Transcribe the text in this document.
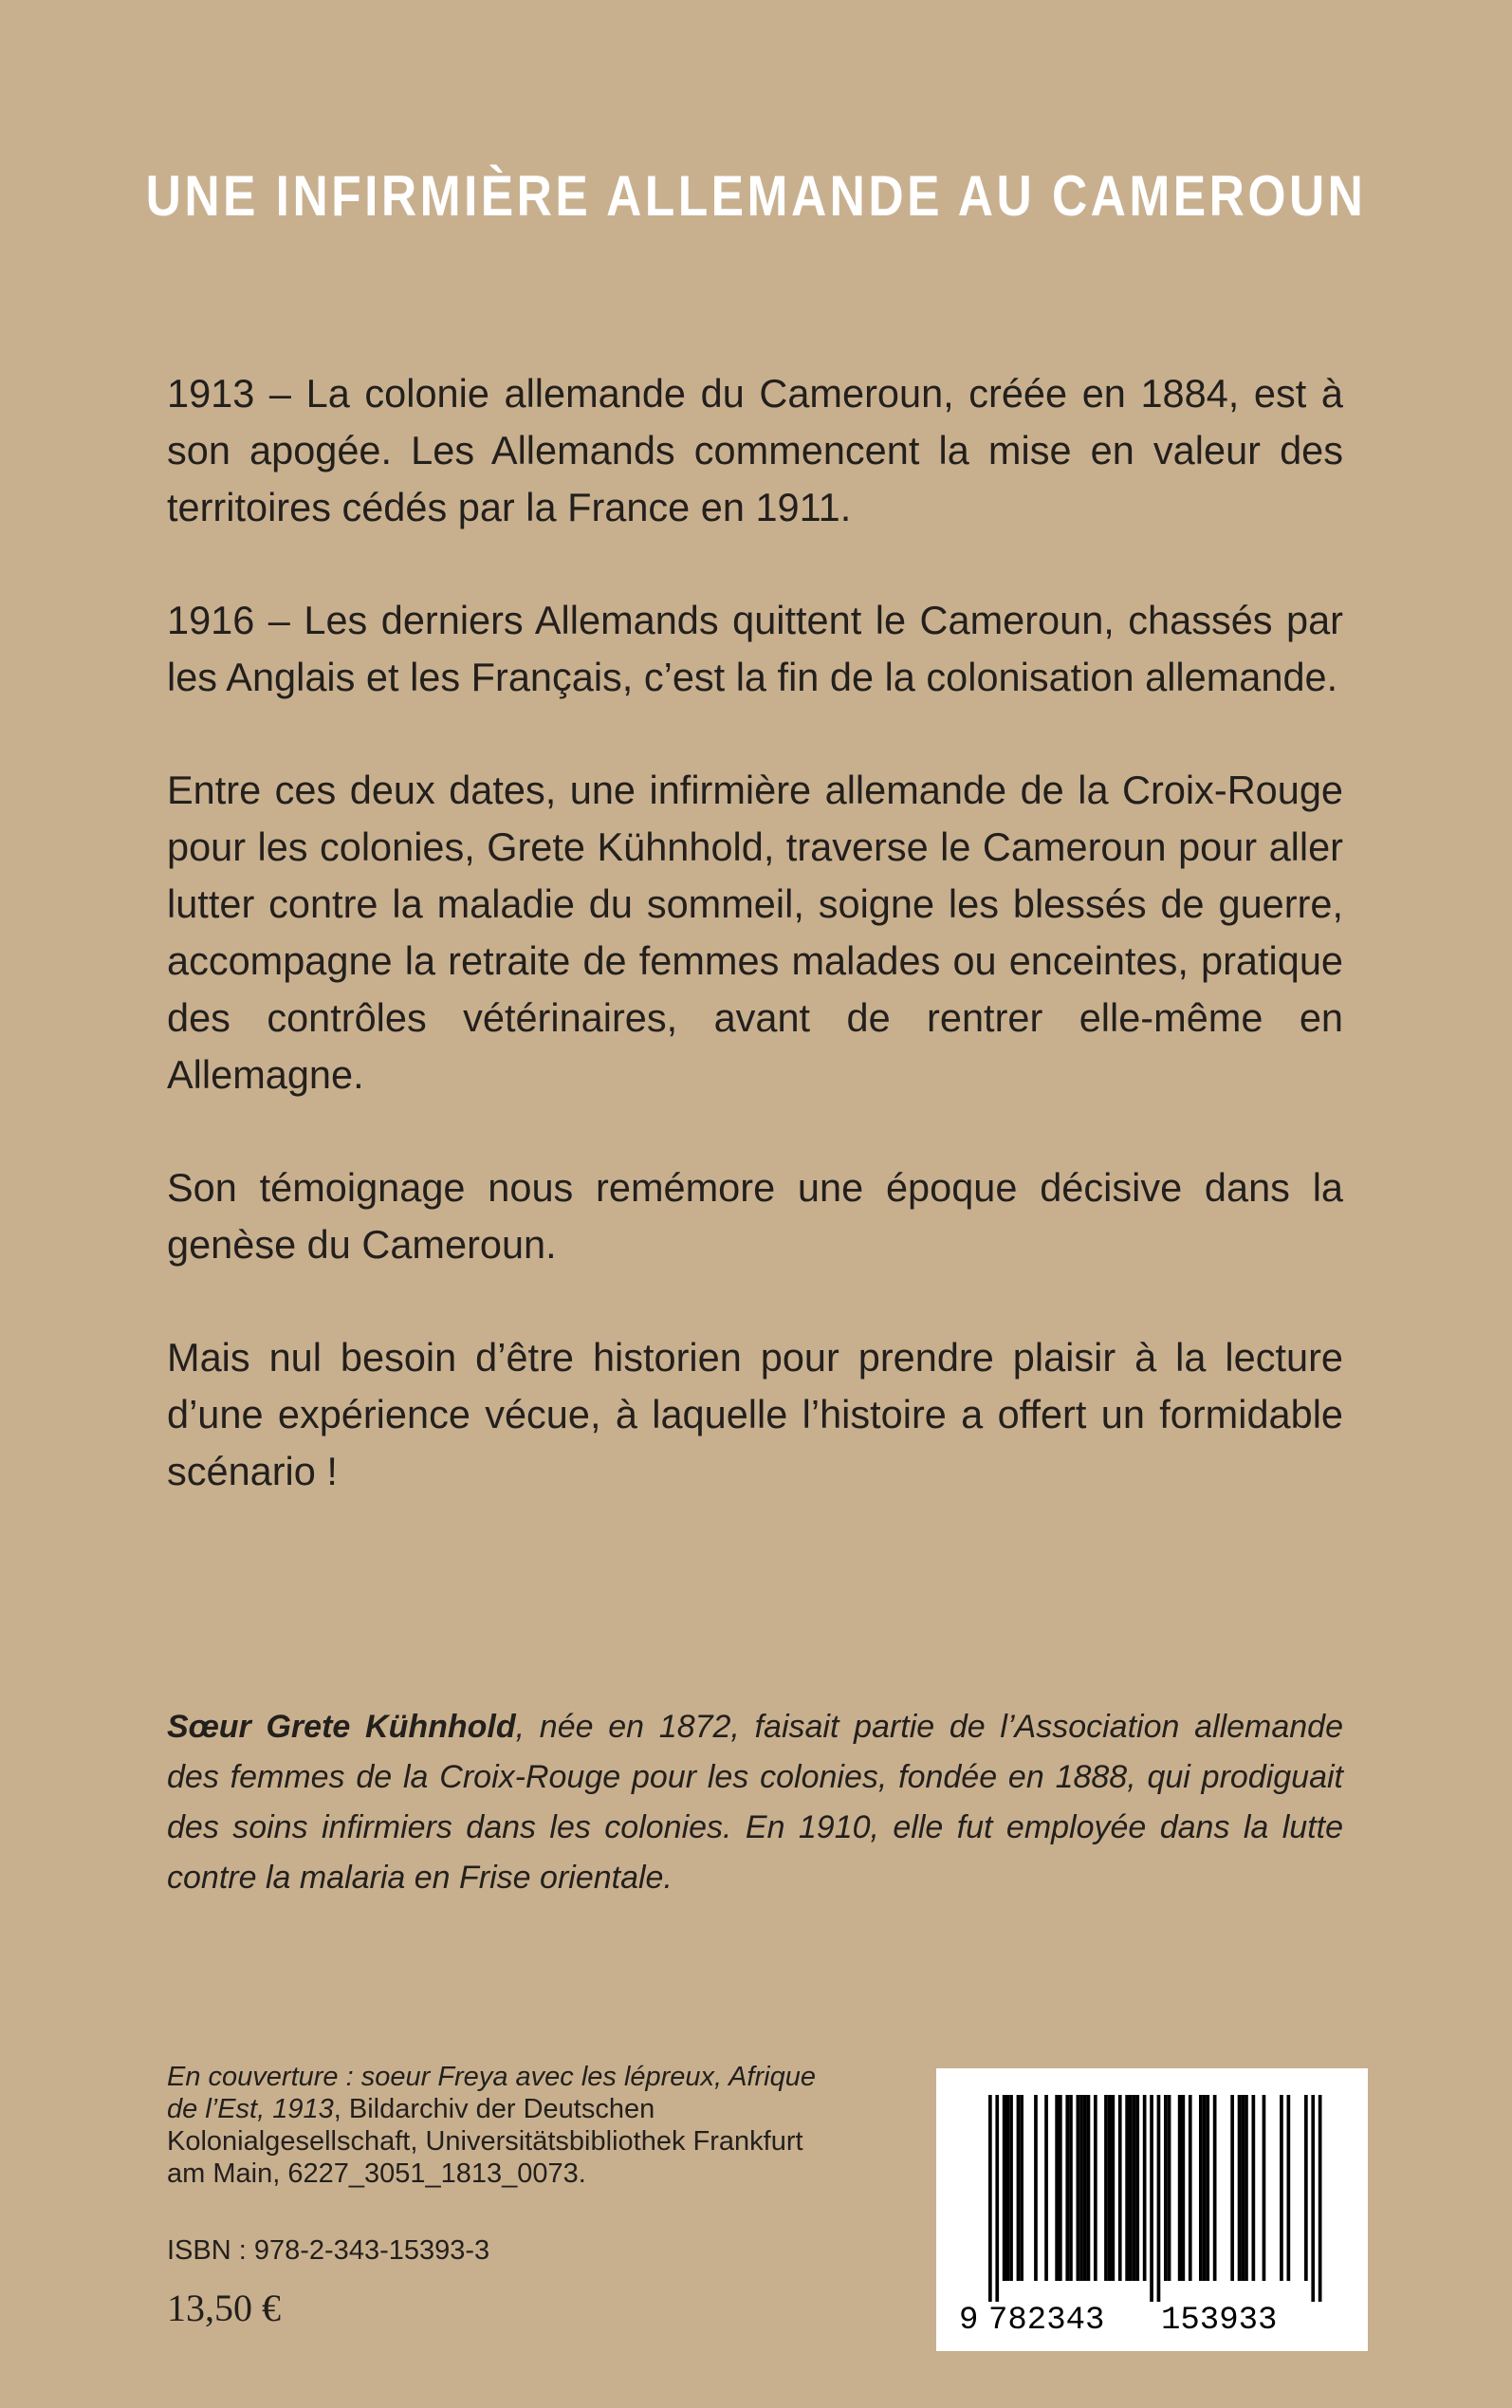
UNE INFIRMIÈRE ALLEMANDE AU CAMEROUN

1913 – La colonie allemande du Cameroun, créée en 1884, est à son apogée. Les Allemands commencent la mise en valeur des territoires cédés par la France en 1911.

1916 – Les derniers Allemands quittent le Cameroun, chassés par les Anglais et les Français, c’est la fin de la colonisation allemande.

Entre ces deux dates, une infirmière allemande de la Croix-Rouge pour les colonies, Grete Kühnhold, traverse le Cameroun pour aller lutter contre la maladie du sommeil, soigne les blessés de guerre, accompagne la retraite de femmes malades ou enceintes, pratique des contrôles vétérinaires, avant de rentrer elle-même en Allemagne.

Son témoignage nous remémore une époque décisive dans la genèse du Cameroun.

Mais nul besoin d’être historien pour prendre plaisir à la lecture d’une expérience vécue, à laquelle l’histoire a offert un formidable scénario !

Sœur Grete Kühnhold, née en 1872, faisait partie de l’Association allemande des femmes de la Croix-Rouge pour les colonies, fondée en 1888, qui prodiguait des soins infirmiers dans les colonies. En 1910, elle fut employée dans la lutte contre la malaria en Frise orientale.
En couverture : soeur Freya avec les lépreux, Afrique de l’Est, 1913, Bildarchiv der Deutschen Kolonialgesellschaft, Universitätsbibliothek Frankfurt am Main, 6227_3051_1813_0073.
ISBN : 978-2-343-15393-3
13,50 €	9 782343 153933
